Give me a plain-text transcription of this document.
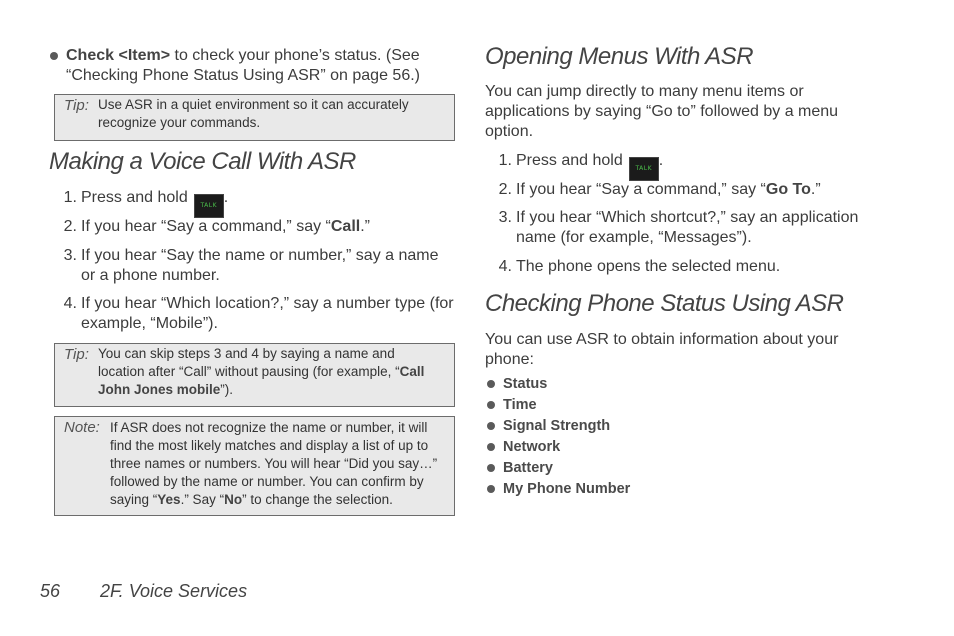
Check <Item> to check your phone’s status. (See “Checking Phone Status Using ASR” on page 56.)
Tip: Use ASR in a quiet environment so it can accurately recognize your commands.
Making a Voice Call With ASR
1. Press and hold TALK .
2. If you hear “Say a command,” say “Call.”
3. If you hear “Say the name or number,” say a name or a phone number.
4. If you hear “Which location?,” say a number type (for example, “Mobile”).
Tip: You can skip steps 3 and 4 by saying a name and location after “Call” without pausing (for example, “Call John Jones mobile”).
Note: If ASR does not recognize the name or number, it will find the most likely matches and display a list of up to three names or numbers. You will hear “Did you say…” followed by the name or number. You can confirm by saying “Yes.” Say “No” to change the selection.
Opening Menus With ASR
You can jump directly to many menu items or applications by saying “Go to” followed by a menu option.
1. Press and hold TALK .
2. If you hear “Say a command,” say “Go To.”
3. If you hear “Which shortcut?,” say an application name (for example, “Messages”).
4. The phone opens the selected menu.
Checking Phone Status Using ASR
You can use ASR to obtain information about your phone:
Status
Time
Signal Strength
Network
Battery
My Phone Number
56 2F. Voice Services
